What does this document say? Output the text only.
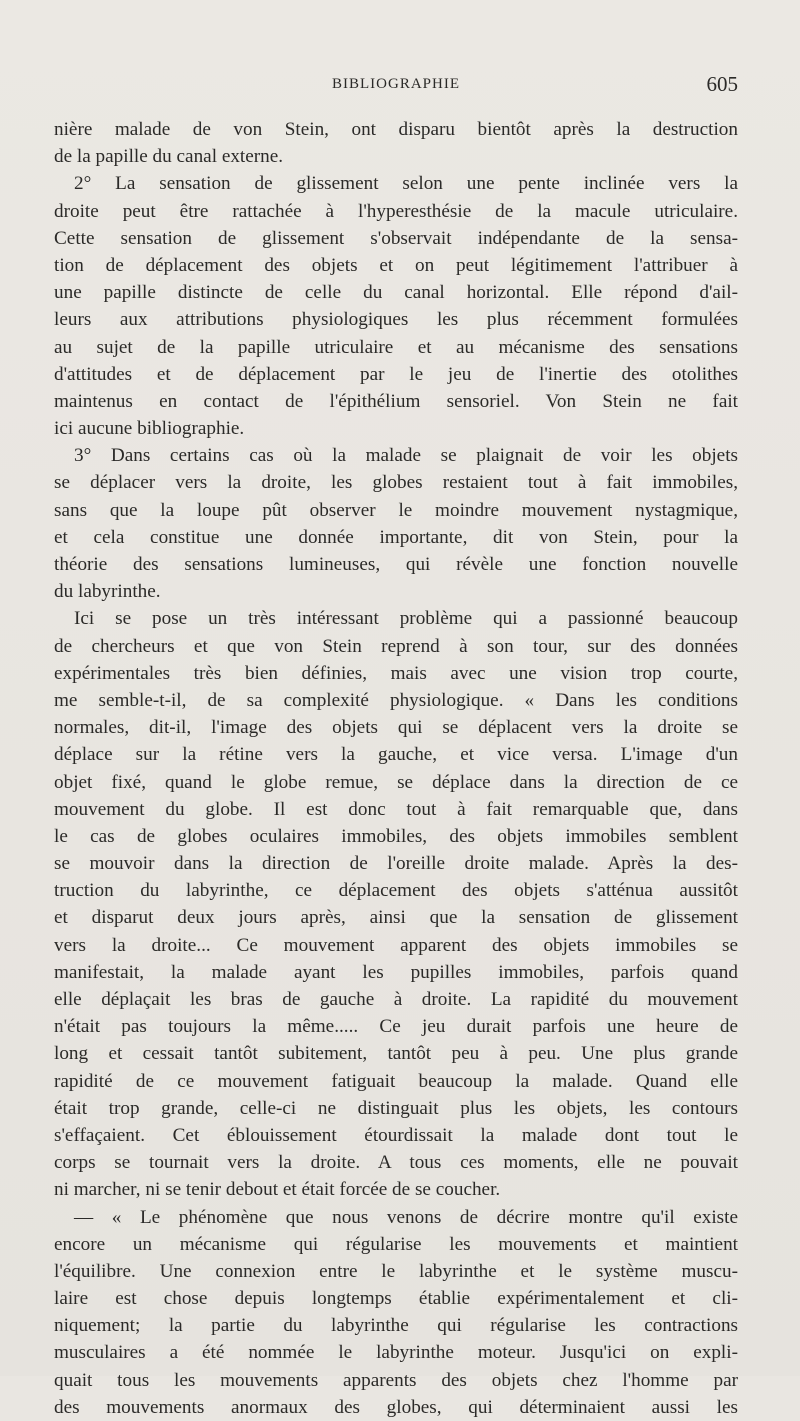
BIBLIOGRAPHIE	605
nière malade de von Stein, ont disparu bientôt après la destruction
de la papille du canal externe.
2° La sensation de glissement selon une pente inclinée vers la
droite peut être rattachée à l'hyperesthésie de la macule utriculaire.
Cette sensation de glissement s'observait indépendante de la sensa-
tion de déplacement des objets et on peut légitimement l'attribuer à
une papille distincte de celle du canal horizontal. Elle répond d'ail-
leurs aux attributions physiologiques les plus récemment formulées
au sujet de la papille utriculaire et au mécanisme des sensations
d'attitudes et de déplacement par le jeu de l'inertie des otolithes
maintenus en contact de l'épithélium sensoriel. Von Stein ne fait
ici aucune bibliographie.
3° Dans certains cas où la malade se plaignait de voir les objets
se déplacer vers la droite, les globes restaient tout à fait immobiles,
sans que la loupe pût observer le moindre mouvement nystagmique,
et cela constitue une donnée importante, dit von Stein, pour la
théorie des sensations lumineuses, qui révèle une fonction nouvelle
du labyrinthe.
Ici se pose un très intéressant problème qui a passionné beaucoup
de chercheurs et que von Stein reprend à son tour, sur des données
expérimentales très bien définies, mais avec une vision trop courte,
me semble-t-il, de sa complexité physiologique. « Dans les conditions
normales, dit-il, l'image des objets qui se déplacent vers la droite se
déplace sur la rétine vers la gauche, et vice versa. L'image d'un
objet fixé, quand le globe remue, se déplace dans la direction de ce
mouvement du globe. Il est donc tout à fait remarquable que, dans
le cas de globes oculaires immobiles, des objets immobiles semblent
se mouvoir dans la direction de l'oreille droite malade. Après la des-
truction du labyrinthe, ce déplacement des objets s'atténua aussitôt
et disparut deux jours après, ainsi que la sensation de glissement
vers la droite... Ce mouvement apparent des objets immobiles se
manifestait, la malade ayant les pupilles immobiles, parfois quand
elle déplaçait les bras de gauche à droite. La rapidité du mouvement
n'était pas toujours la même..... Ce jeu durait parfois une heure de
long et cessait tantôt subitement, tantôt peu à peu. Une plus grande
rapidité de ce mouvement fatiguait beaucoup la malade. Quand elle
était trop grande, celle-ci ne distinguait plus les objets, les contours
s'effaçaient. Cet éblouissement étourdissait la malade dont tout le
corps se tournait vers la droite. A tous ces moments, elle ne pouvait
ni marcher, ni se tenir debout et était forcée de se coucher.
— « Le phénomène que nous venons de décrire montre qu'il existe
encore un mécanisme qui régularise les mouvements et maintient
l'équilibre. Une connexion entre le labyrinthe et le système muscu-
laire est chose depuis longtemps établie expérimentalement et cli-
niquement; la partie du labyrinthe qui régularise les contractions
musculaires a été nommée le labyrinthe moteur. Jusqu'ici on expli-
quait tous les mouvements apparents des objets chez l'homme par
des mouvements anormaux des globes, qui déterminaient aussi les
